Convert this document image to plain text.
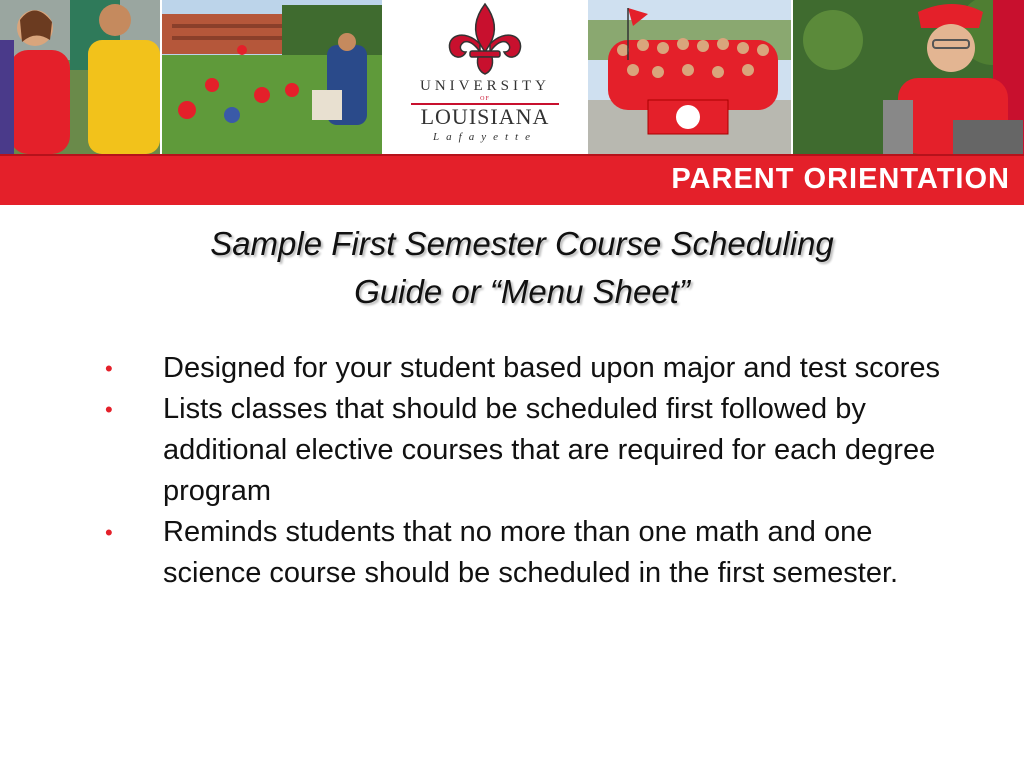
UNIVERSITY
OF
LOUISIANA
Lafayette
PARENT ORIENTATION
Sample First Semester Course Scheduling
Guide or “Menu Sheet”
• Designed for your student based upon major and test scores
• Lists classes that should be scheduled first followed by additional elective courses that are required for each degree program
• Reminds students that no more than one math and one science course should be scheduled in the first semester.
